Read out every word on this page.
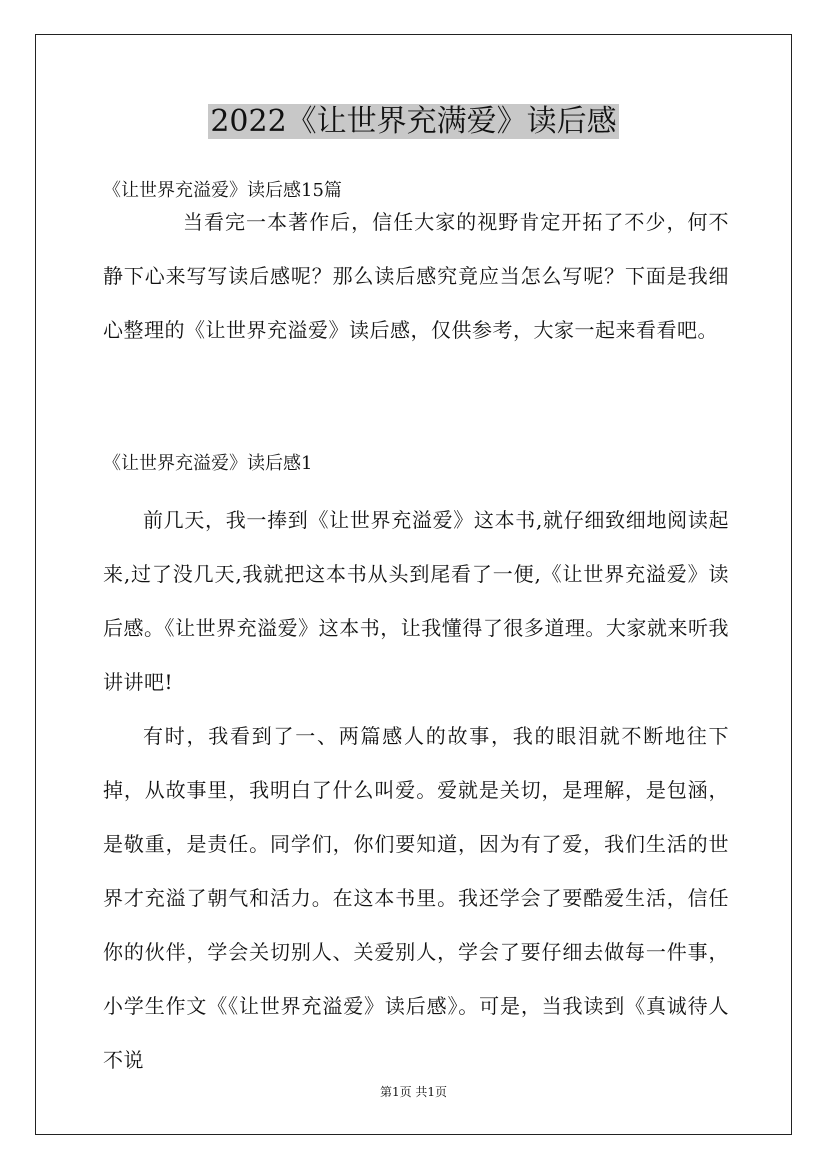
2022《让世界充满爱》读后感

《让世界充溢爱》读后感15篇

当看完一本著作后，信任大家的视野肯定开拓了不少，何不静下心来写写读后感呢？那么读后感究竟应当怎么写呢？下面是我细心整理的《让世界充溢爱》读后感，仅供参考，大家一起来看看吧。

《让世界充溢爱》读后感1

前几天，我一捧到《让世界充溢爱》这本书,就仔细致细地阅读起来,过了没几天,我就把这本书从头到尾看了一便,《让世界充溢爱》读后感。《让世界充溢爱》这本书，让我懂得了很多道理。大家就来听我讲讲吧!

有时，我看到了一、两篇感人的故事，我的眼泪就不断地往下掉，从故事里，我明白了什么叫爱。爱就是关切，是理解，是包涵，是敬重，是责任。同学们，你们要知道，因为有了爱，我们生活的世界才充溢了朝气和活力。在这本书里。我还学会了要酷爱生活，信任你的伙伴，学会关切别人、关爱别人，学会了要仔细去做每一件事，小学生作文《《让世界充溢爱》读后感》。可是，当我读到《真诚待人不说

第1页 共1页
